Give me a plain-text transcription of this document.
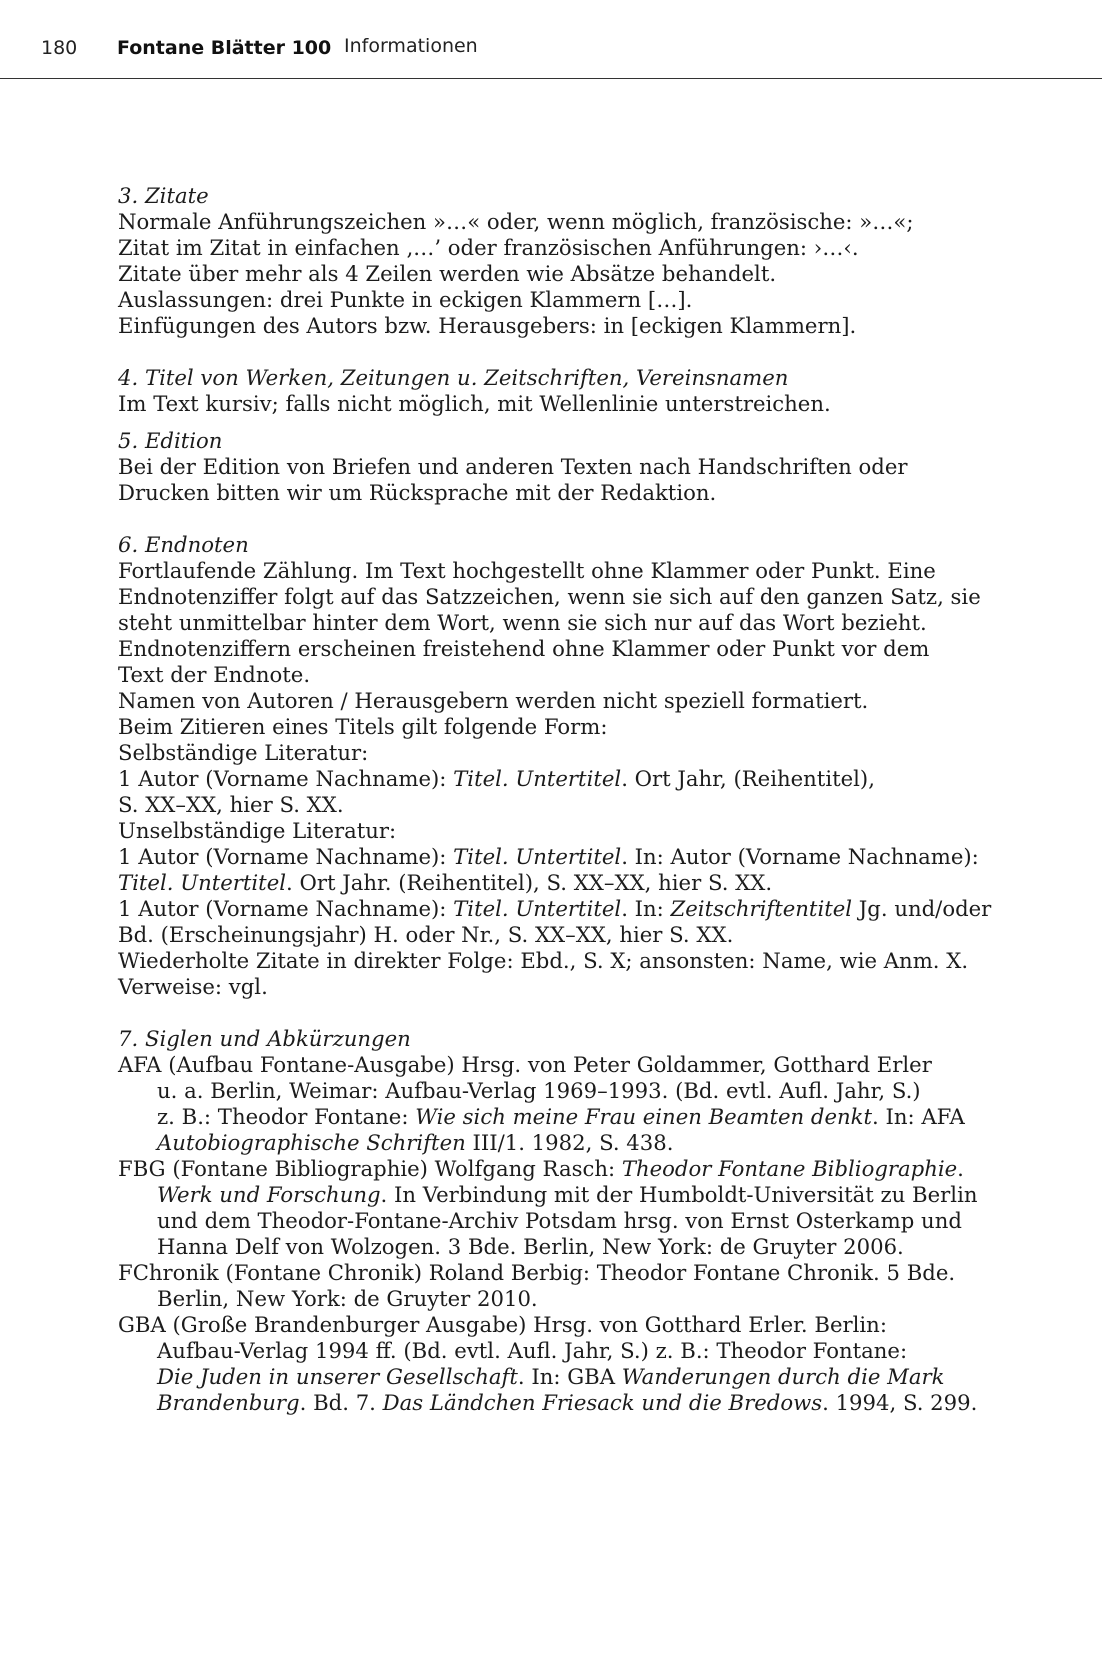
180 Fontane Blätter 100 Informationen
3. Zitate
Normale Anführungszeichen »…« oder, wenn möglich, französische: »…«;
Zitat im Zitat in einfachen ‚…’ oder französischen Anführungen: ›…‹.
Zitate über mehr als 4 Zeilen werden wie Absätze behandelt.
Auslassungen: drei Punkte in eckigen Klammern […].
Einfügungen des Autors bzw. Herausgebers: in [eckigen Klammern].
4. Titel von Werken, Zeitungen u. Zeitschriften, Vereinsnamen
Im Text kursiv; falls nicht möglich, mit Wellenlinie unterstreichen.
5. Edition
Bei der Edition von Briefen und anderen Texten nach Handschriften oder
Drucken bitten wir um Rücksprache mit der Redaktion.
6. Endnoten
Fortlaufende Zählung. Im Text hochgestellt ohne Klammer oder Punkt. Eine
Endnotenziffer folgt auf das Satzzeichen, wenn sie sich auf den ganzen Satz, sie
steht unmittelbar hinter dem Wort, wenn sie sich nur auf das Wort bezieht.
Endnotenziffern erscheinen freistehend ohne Klammer oder Punkt vor dem
Text der Endnote.
Namen von Autoren / Herausgebern werden nicht speziell formatiert.
Beim Zitieren eines Titels gilt folgende Form:
Selbständige Literatur:
1 Autor (Vorname Nachname): Titel. Untertitel. Ort Jahr, (Reihentitel),
S. XX–XX, hier S. XX.
Unselbständige Literatur:
1 Autor (Vorname Nachname): Titel. Untertitel. In: Autor (Vorname Nachname):
Titel. Untertitel. Ort Jahr. (Reihentitel), S. XX–XX, hier S. XX.
1 Autor (Vorname Nachname): Titel. Untertitel. In: Zeitschriftentitel Jg. und/oder
Bd. (Erscheinungsjahr) H. oder Nr., S. XX–XX, hier S. XX.
Wiederholte Zitate in direkter Folge: Ebd., S. X; ansonsten: Name, wie Anm. X.
Verweise: vgl.
7. Siglen und Abkürzungen
AFA (Aufbau Fontane-Ausgabe) Hrsg. von Peter Goldammer, Gotthard Erler
u. a. Berlin, Weimar: Aufbau-Verlag 1969–1993. (Bd. evtl. Aufl. Jahr, S.)
z. B.: Theodor Fontane: Wie sich meine Frau einen Beamten denkt. In: AFA
Autobiographische Schriften III/1. 1982, S. 438.
FBG (Fontane Bibliographie) Wolfgang Rasch: Theodor Fontane Bibliographie.
Werk und Forschung. In Verbindung mit der Humboldt-Universität zu Berlin
und dem Theodor-Fontane-Archiv Potsdam hrsg. von Ernst Osterkamp und
Hanna Delf von Wolzogen. 3 Bde. Berlin, New York: de Gruyter 2006.
FChronik (Fontane Chronik) Roland Berbig: Theodor Fontane Chronik. 5 Bde.
Berlin, New York: de Gruyter 2010.
GBA (Große Brandenburger Ausgabe) Hrsg. von Gotthard Erler. Berlin:
Aufbau-Verlag 1994 ff. (Bd. evtl. Aufl. Jahr, S.) z. B.: Theodor Fontane:
Die Juden in unserer Gesellschaft. In: GBA Wanderungen durch die Mark
Brandenburg. Bd. 7. Das Ländchen Friesack und die Bredows. 1994, S. 299.
